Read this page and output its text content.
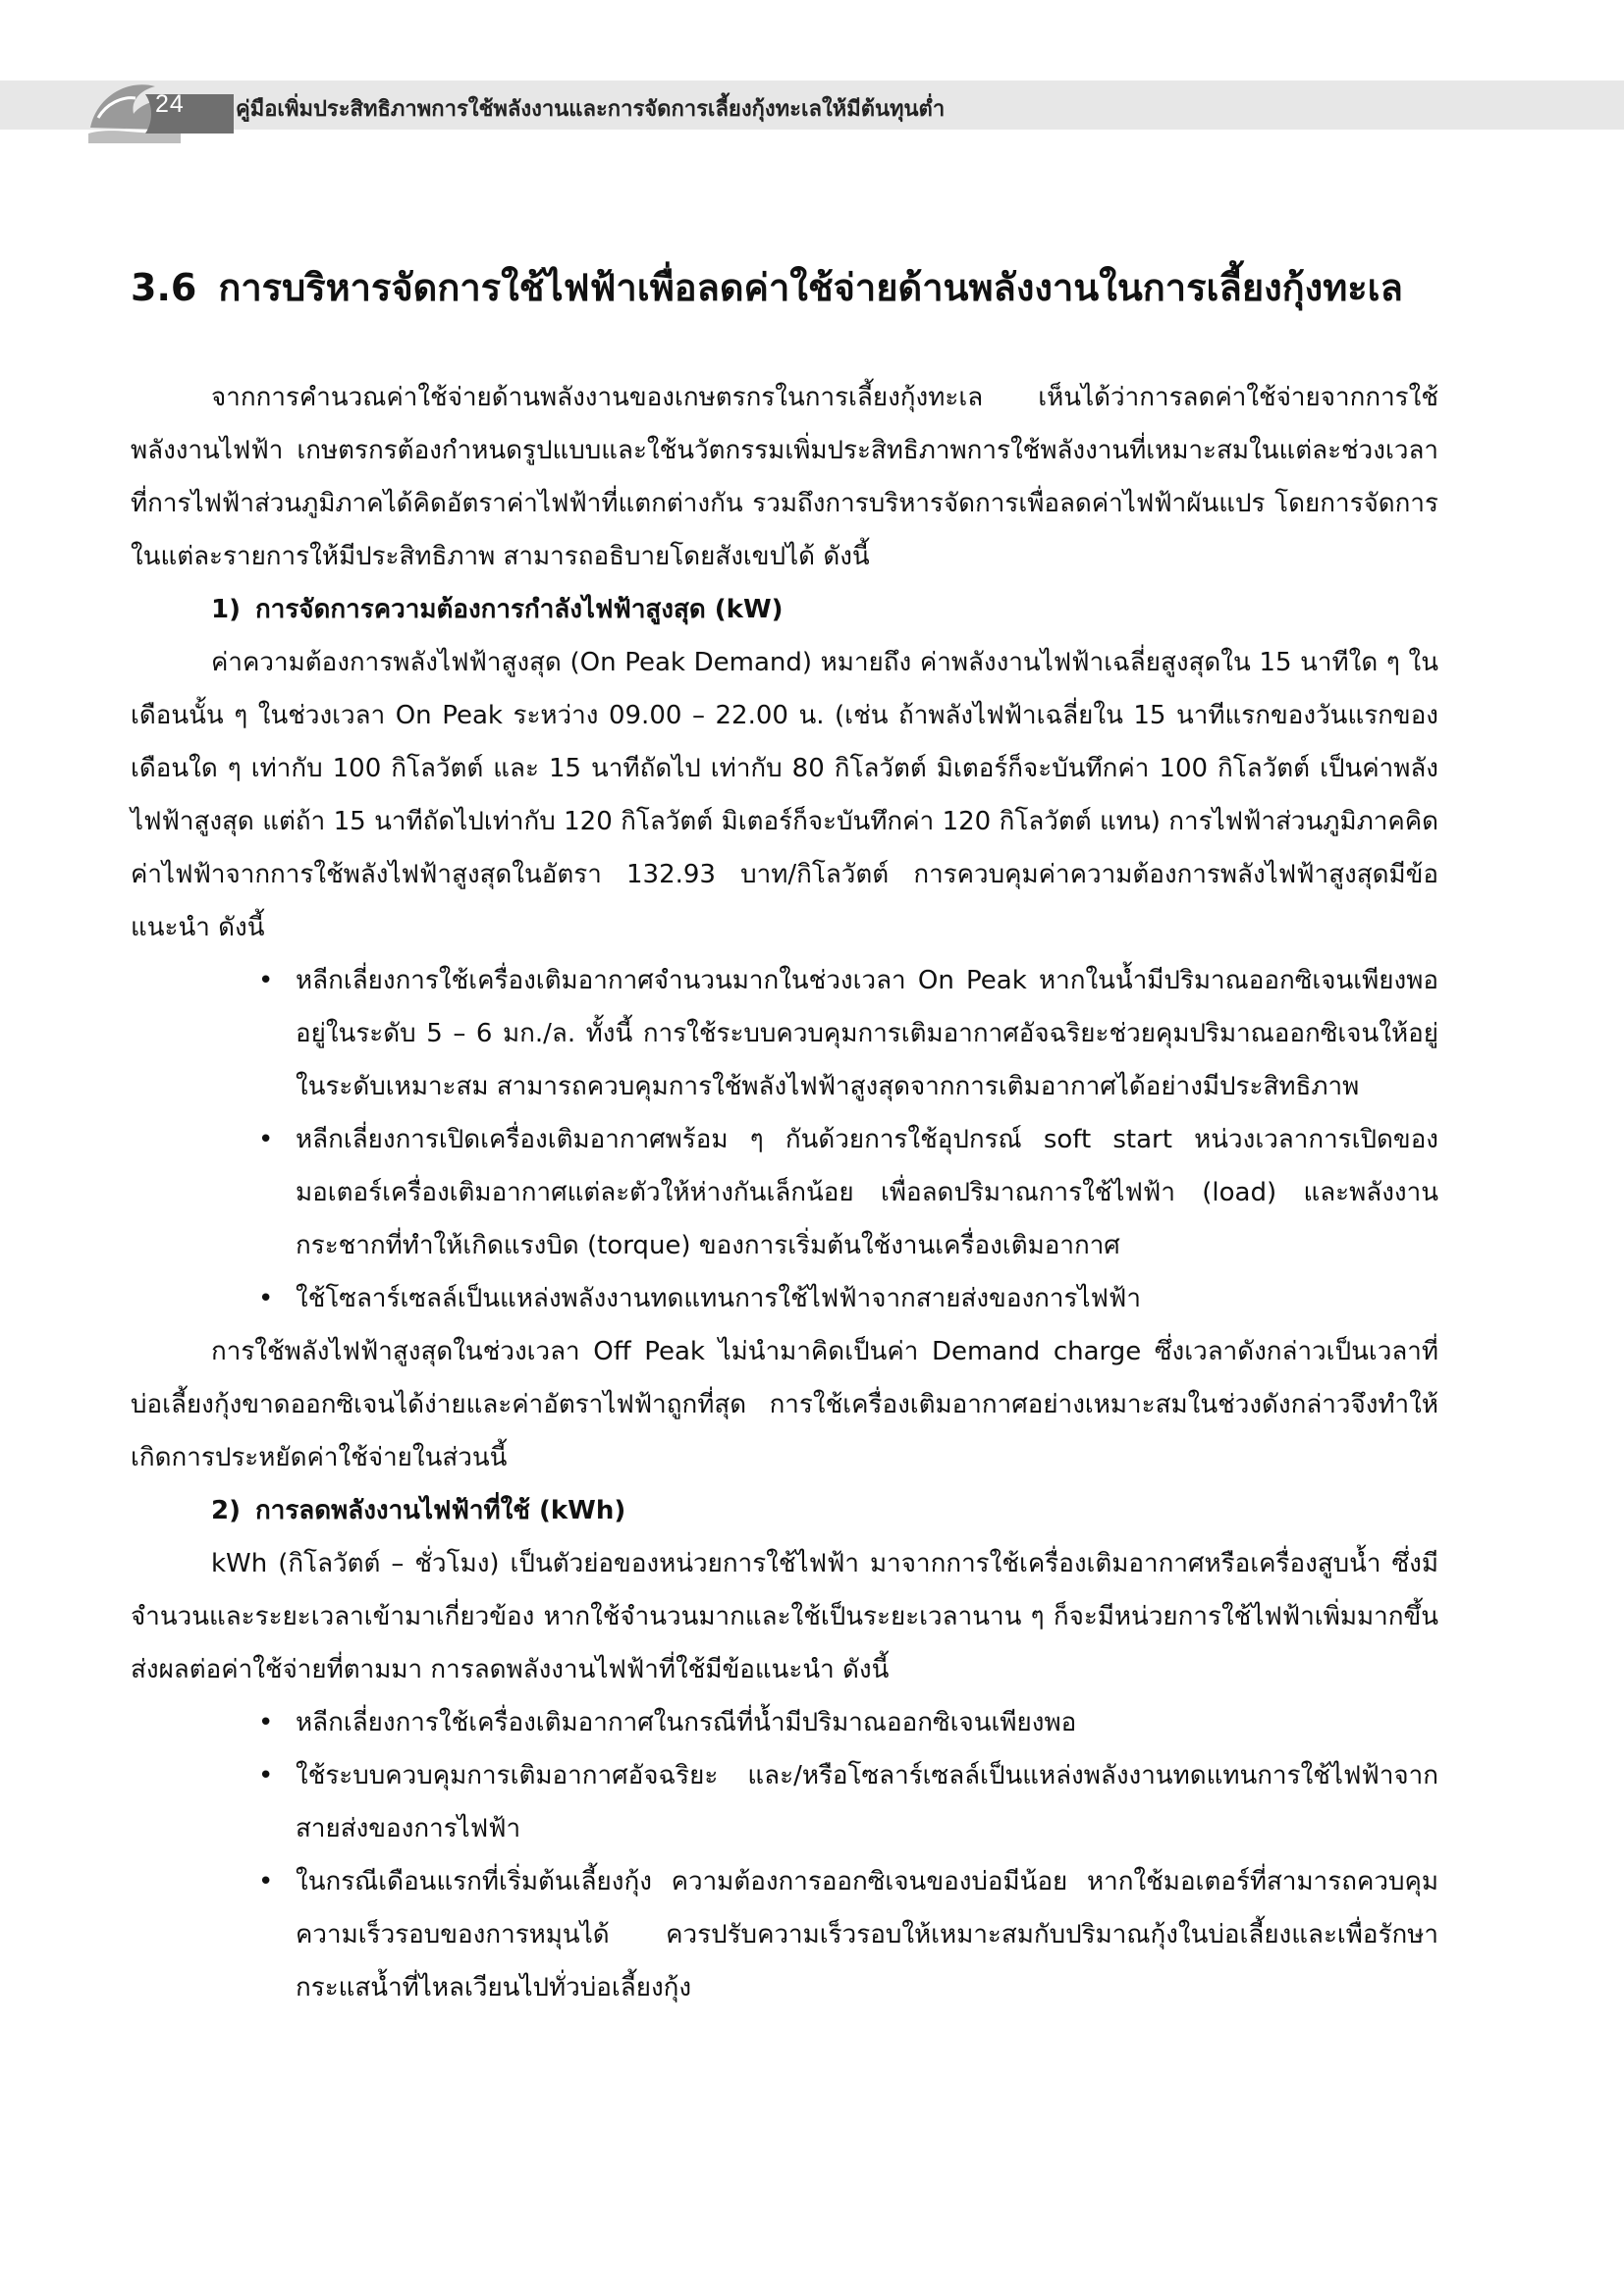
24 คู่มือเพิ่มประสิทธิภาพการใช้พลังงานและการจัดการเลี้ยงกุ้งทะเลให้มีต้นทุนต่ำ
3.6 การบริหารจัดการใช้ไฟฟ้าเพื่อลดค่าใช้จ่ายด้านพลังงานในการเลี้ยงกุ้งทะเล

จากการคำนวณค่าใช้จ่ายด้านพลังงานของเกษตรกรในการเลี้ยงกุ้งทะเล เห็นได้ว่าการลดค่าใช้จ่ายจากการใช้พลังงานไฟฟ้า เกษตรกรต้องกำหนดรูปแบบและใช้นวัตกรรมเพิ่มประสิทธิภาพการใช้พลังงานที่เหมาะสมในแต่ละช่วงเวลาที่การไฟฟ้าส่วนภูมิภาคได้คิดอัตราค่าไฟฟ้าที่แตกต่างกัน รวมถึงการบริหารจัดการเพื่อลดค่าไฟฟ้าผันแปร โดยการจัดการในแต่ละรายการให้มีประสิทธิภาพ สามารถอธิบายโดยสังเขปได้ ดังนี้

1) การจัดการความต้องการกำลังไฟฟ้าสูงสุด (kW)

ค่าความต้องการพลังไฟฟ้าสูงสุด (On Peak Demand) หมายถึง ค่าพลังงานไฟฟ้าเฉลี่ยสูงสุดใน 15 นาทีใด ๆ ในเดือนนั้น ๆ ในช่วงเวลา On Peak ระหว่าง 09.00 – 22.00 น. (เช่น ถ้าพลังไฟฟ้าเฉลี่ยใน 15 นาทีแรกของวันแรกของเดือนใด ๆ เท่ากับ 100 กิโลวัตต์ และ 15 นาทีถัดไป เท่ากับ 80 กิโลวัตต์ มิเตอร์ก็จะบันทึกค่า 100 กิโลวัตต์ เป็นค่าพลังไฟฟ้าสูงสุด แต่ถ้า 15 นาทีถัดไปเท่ากับ 120 กิโลวัตต์ มิเตอร์ก็จะบันทึกค่า 120 กิโลวัตต์ แทน) การไฟฟ้าส่วนภูมิภาคคิดค่าไฟฟ้าจากการใช้พลังไฟฟ้าสูงสุดในอัตรา 132.93 บาท/กิโลวัตต์ การควบคุมค่าความต้องการพลังไฟฟ้าสูงสุดมีข้อแนะนำ ดังนี้

• หลีกเลี่ยงการใช้เครื่องเติมอากาศจำนวนมากในช่วงเวลา On Peak หากในน้ำมีปริมาณออกซิเจนเพียงพออยู่ในระดับ 5 – 6 มก./ล. ทั้งนี้ การใช้ระบบควบคุมการเติมอากาศอัจฉริยะช่วยคุมปริมาณออกซิเจนให้อยู่ในระดับเหมาะสม สามารถควบคุมการใช้พลังไฟฟ้าสูงสุดจากการเติมอากาศได้อย่างมีประสิทธิภาพ
• หลีกเลี่ยงการเปิดเครื่องเติมอากาศพร้อม ๆ กันด้วยการใช้อุปกรณ์ soft start หน่วงเวลาการเปิดของมอเตอร์เครื่องเติมอากาศแต่ละตัวให้ห่างกันเล็กน้อย เพื่อลดปริมาณการใช้ไฟฟ้า (load) และพลังงานกระชากที่ทำให้เกิดแรงบิด (torque) ของการเริ่มต้นใช้งานเครื่องเติมอากาศ
• ใช้โซลาร์เซลล์เป็นแหล่งพลังงานทดแทนการใช้ไฟฟ้าจากสายส่งของการไฟฟ้า

การใช้พลังไฟฟ้าสูงสุดในช่วงเวลา Off Peak ไม่นำมาคิดเป็นค่า Demand charge ซึ่งเวลาดังกล่าวเป็นเวลาที่บ่อเลี้ยงกุ้งขาดออกซิเจนได้ง่ายและค่าอัตราไฟฟ้าถูกที่สุด การใช้เครื่องเติมอากาศอย่างเหมาะสมในช่วงดังกล่าวจึงทำให้เกิดการประหยัดค่าใช้จ่ายในส่วนนี้

2) การลดพลังงานไฟฟ้าที่ใช้ (kWh)

kWh (กิโลวัตต์ – ชั่วโมง) เป็นตัวย่อของหน่วยการใช้ไฟฟ้า มาจากการใช้เครื่องเติมอากาศหรือเครื่องสูบน้ำ ซึ่งมีจำนวนและระยะเวลาเข้ามาเกี่ยวข้อง หากใช้จำนวนมากและใช้เป็นระยะเวลานาน ๆ ก็จะมีหน่วยการใช้ไฟฟ้าเพิ่มมากขึ้นส่งผลต่อค่าใช้จ่ายที่ตามมา การลดพลังงานไฟฟ้าที่ใช้มีข้อแนะนำ ดังนี้

• หลีกเลี่ยงการใช้เครื่องเติมอากาศในกรณีที่น้ำมีปริมาณออกซิเจนเพียงพอ
• ใช้ระบบควบคุมการเติมอากาศอัจฉริยะ และ/หรือโซลาร์เซลล์เป็นแหล่งพลังงานทดแทนการใช้ไฟฟ้าจากสายส่งของการไฟฟ้า
• ในกรณีเดือนแรกที่เริ่มต้นเลี้ยงกุ้ง ความต้องการออกซิเจนของบ่อมีน้อย หากใช้มอเตอร์ที่สามารถควบคุมความเร็วรอบของการหมุนได้ ควรปรับความเร็วรอบให้เหมาะสมกับปริมาณกุ้งในบ่อเลี้ยงและเพื่อรักษากระแสน้ำที่ไหลเวียนไปทั่วบ่อเลี้ยงกุ้ง
